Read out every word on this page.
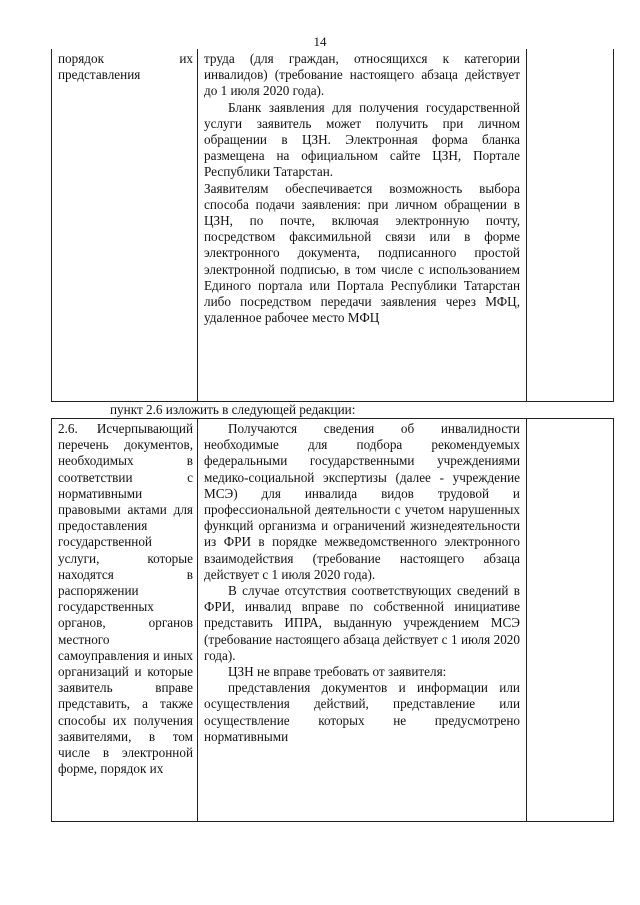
14

порядок их представления

труда (для граждан, относящихся к категории инвалидов) (требование настоящего абзаца действует до 1 июля 2020 года).

Бланк заявления для получения государственной услуги заявитель может получить при личном обращении в ЦЗН. Электронная форма бланка размещена на официальном сайте ЦЗН, Портале Республики Татарстан.

Заявителям обеспечивается возможность выбора способа подачи заявления: при личном обращении в ЦЗН, по почте, включая электронную почту, посредством факсимильной связи или в форме электронного документа, подписанного простой электронной подписью, в том числе с использованием Единого портала или Портала Республики Татарстан либо посредством передачи заявления через МФЦ, удаленное рабочее место МФЦ

пункт 2.6 изложить в следующей редакции:

2.6. Исчерпывающий перечень документов, необходимых в соответствии с нормативными правовыми актами для предоставления государственной услуги, которые находятся в распоряжении государственных органов, органов местного самоуправления и иных организаций и которые заявитель вправе представить, а также способы их получения заявителями, в том числе в электронной форме, порядок их

Получаются сведения об инвалидности необходимые для подбора рекомендуемых федеральными государственными учреждениями медико-социальной экспертизы (далее - учреждение МСЭ) для инвалида видов трудовой и профессиональной деятельности с учетом нарушенных функций организма и ограничений жизнедеятельности из ФРИ в порядке межведомственного электронного взаимодействия (требование настоящего абзаца действует с 1 июля 2020 года).

В случае отсутствия соответствующих сведений в ФРИ, инвалид вправе по собственной инициативе представить ИПРА, выданную учреждением МСЭ (требование настоящего абзаца действует с 1 июля 2020 года).

ЦЗН не вправе требовать от заявителя:

представления документов и информации или осуществления действий, представление или осуществление которых не предусмотрено нормативными
